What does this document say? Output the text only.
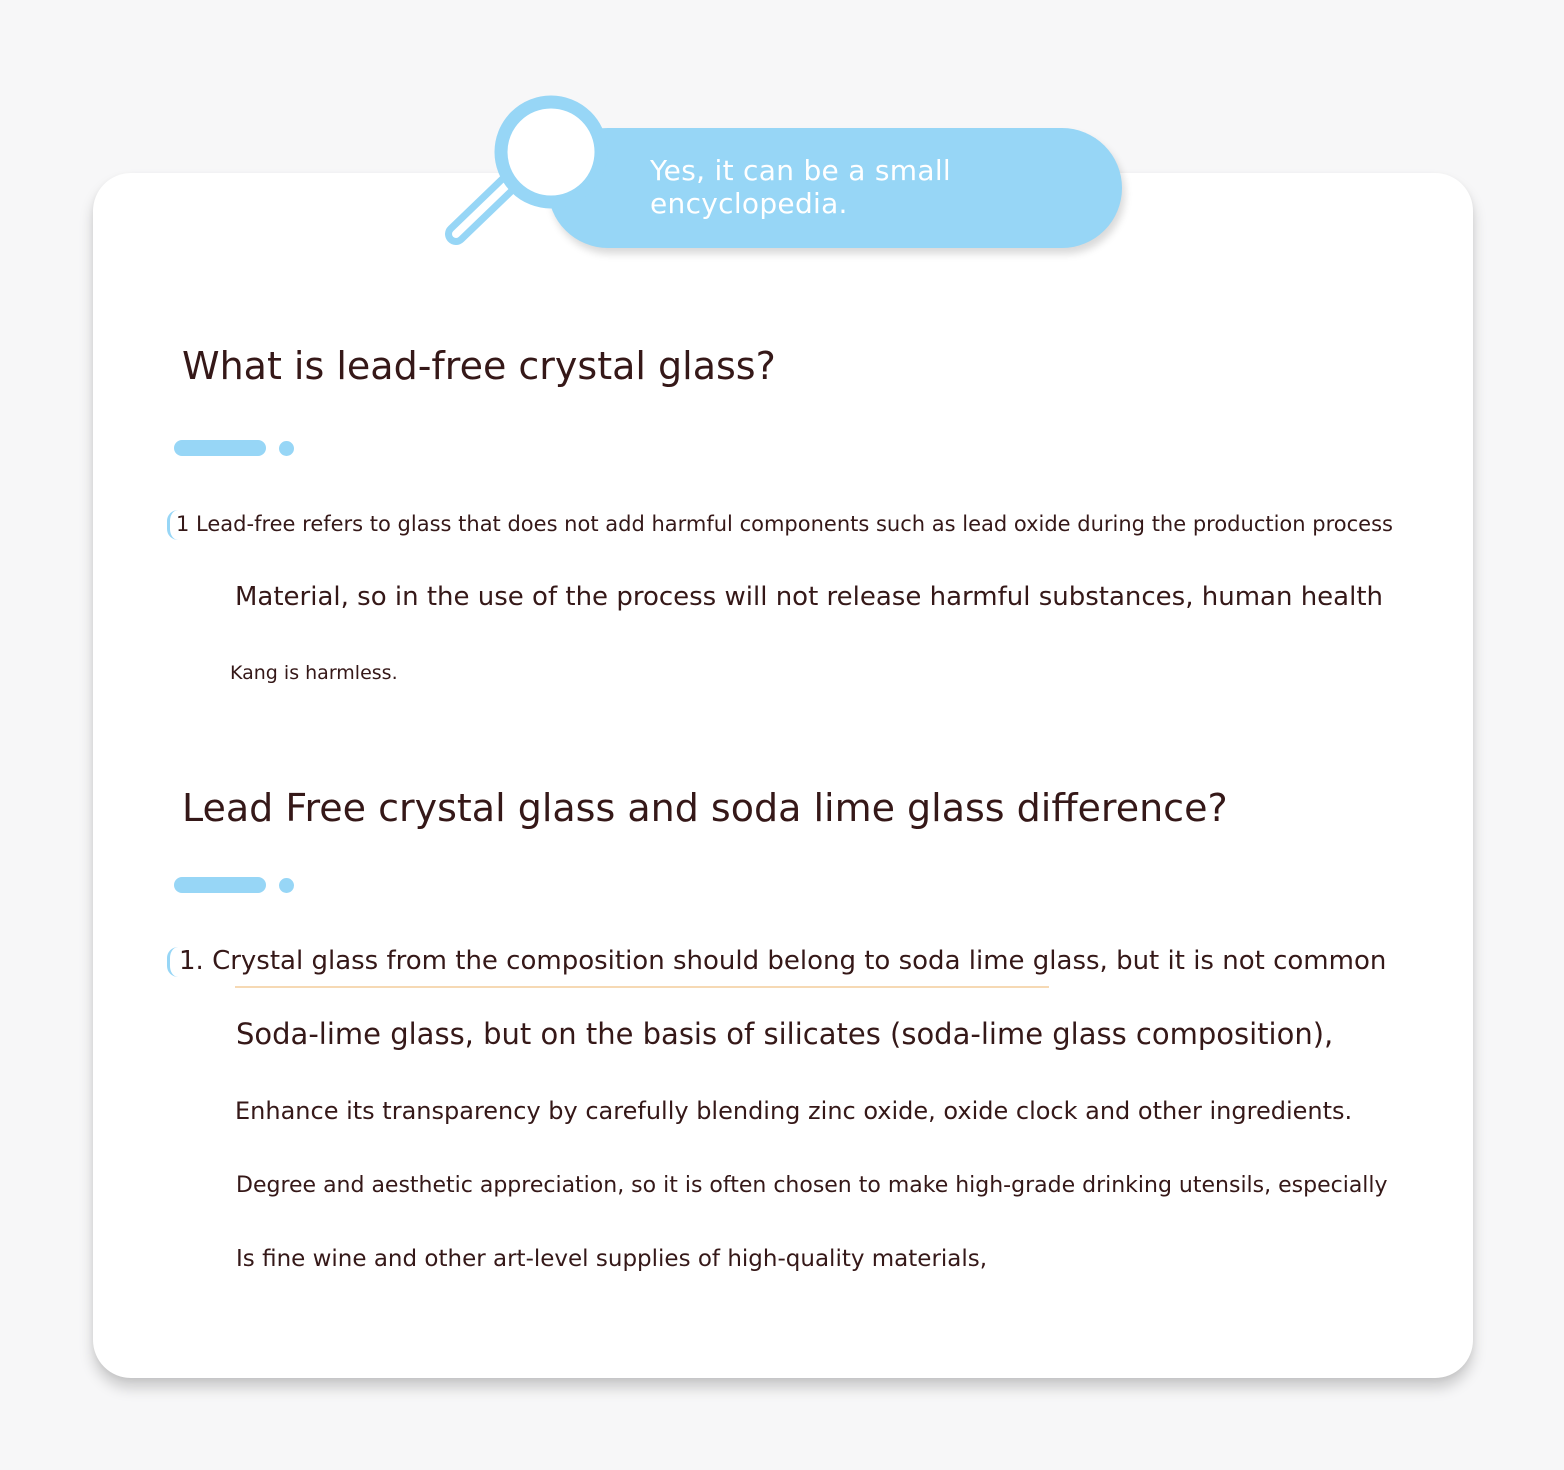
Yes, it can be a small
encyclopedia.
What is lead-free crystal glass?
1 Lead-free refers to glass that does not add harmful components such as lead oxide during the production process
Material, so in the use of the process will not release harmful substances, human health
Kang is harmless.
Lead Free crystal glass and soda lime glass difference?
1. Crystal glass from the composition should belong to soda lime glass, but it is not common
Soda-lime glass, but on the basis of silicates (soda-lime glass composition),
Enhance its transparency by carefully blending zinc oxide, oxide clock and other ingredients.
Degree and aesthetic appreciation, so it is often chosen to make high-grade drinking utensils, especially
Is fine wine and other art-level supplies of high-quality materials,
